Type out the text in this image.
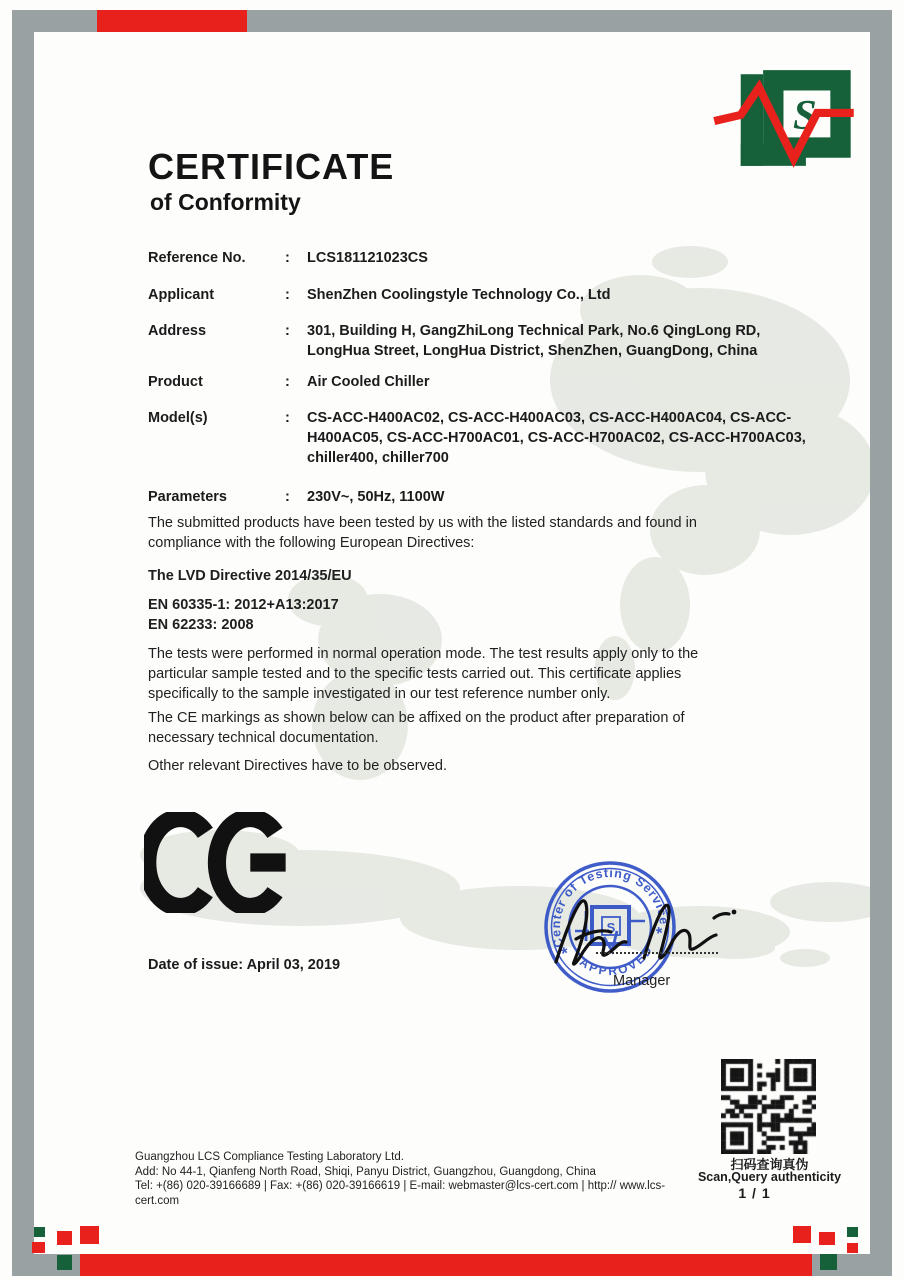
S
CERTIFICATE
of Conformity
Reference No.	:	LCS181121023CS
Applicant	:	ShenZhen Coolingstyle Technology Co., Ltd
Address	:	301, Building H, GangZhiLong Technical Park, No.6 QingLong RD, LongHua Street, LongHua District, ShenZhen, GuangDong, China
Product	:	Air Cooled Chiller
Model(s)	:	CS-ACC-H400AC02, CS-ACC-H400AC03, CS-ACC-H400AC04, CS-ACC-H400AC05, CS-ACC-H700AC01, CS-ACC-H700AC02, CS-ACC-H700AC03, chiller400, chiller700
Parameters	:	230V~, 50Hz, 1100W
The submitted products have been tested by us with the listed standards and found in compliance with the following European Directives:
The LVD Directive 2014/35/EU
EN 60335-1: 2012+A13:2017
EN 62233: 2008
The tests were performed in normal operation mode. The test results apply only to the particular sample tested and to the specific tests carried out. This certificate applies specifically to the sample investigated in our test reference number only.
The CE markings as shown below can be affixed on the product after preparation of necessary technical documentation.
Other relevant Directives have to be observed.
Date of issue: April 03, 2019
Center of Testing Service
APPROVED
*
*
S
Manager
扫码查询真伪
Scan,Query authenticity
1 / 1
Guangzhou LCS Compliance Testing Laboratory Ltd.
Add: No 44-1, Qianfeng North Road, Shiqi, Panyu District, Guangzhou, Guangdong, China
Tel: +(86) 020-39166689 | Fax: +(86) 020-39166619 | E-mail: webmaster@lcs-cert.com | http:// www.lcs-cert.com
